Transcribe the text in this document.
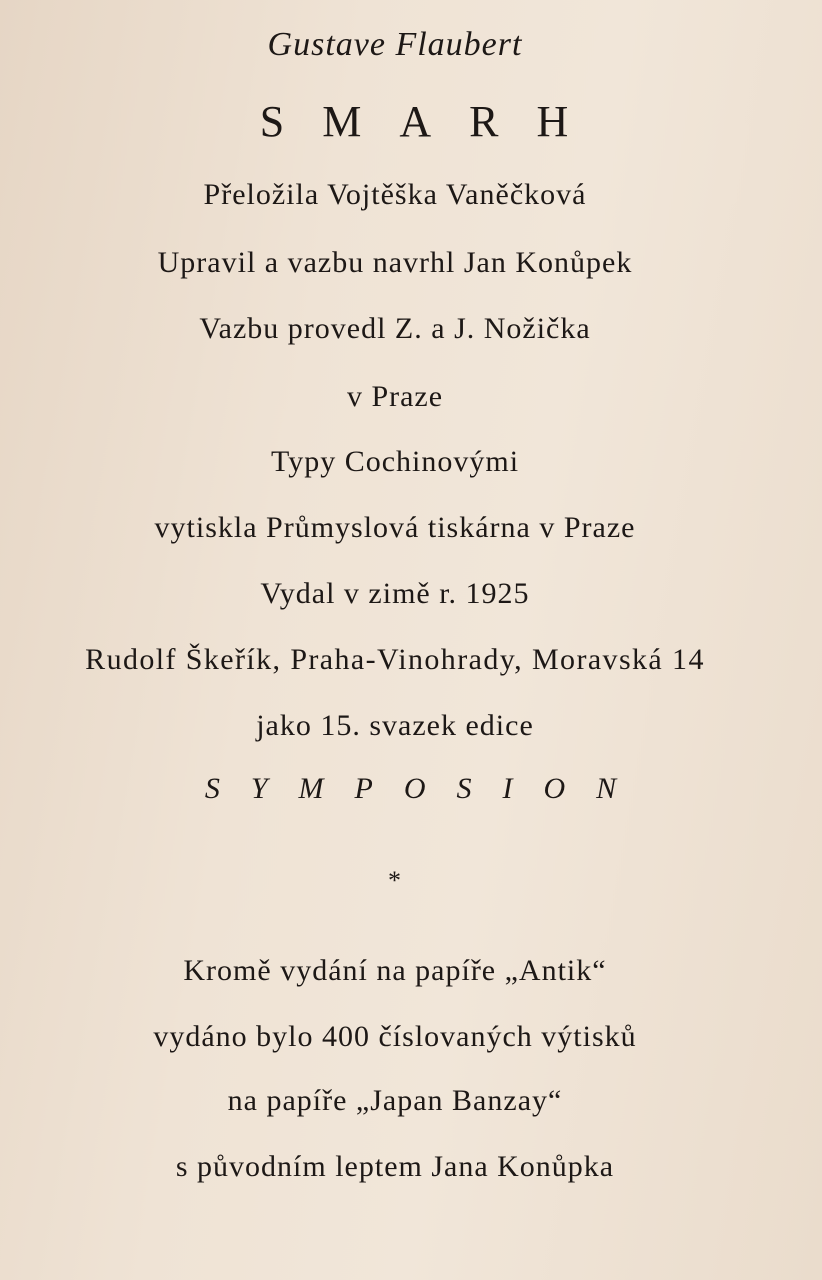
Gustave Flaubert
SMARH
Přeložila Vojtěška Vaněčková
Upravil a vazbu navrhl Jan Konůpek
Vazbu provedl Z. a J. Nožička
v Praze
Typy Cochinovými
vytiskla Průmyslová tiskárna v Praze
Vydal v zimě r. 1925
Rudolf Škeřík, Praha-Vinohrady, Moravská 14
jako 15. svazek edice
SYMPOSION
*
Kromě vydání na papíře „Antik“
vydáno bylo 400 číslovaných výtisků
na papíře „Japan Banzay“
s původním leptem Jana Konůpka
